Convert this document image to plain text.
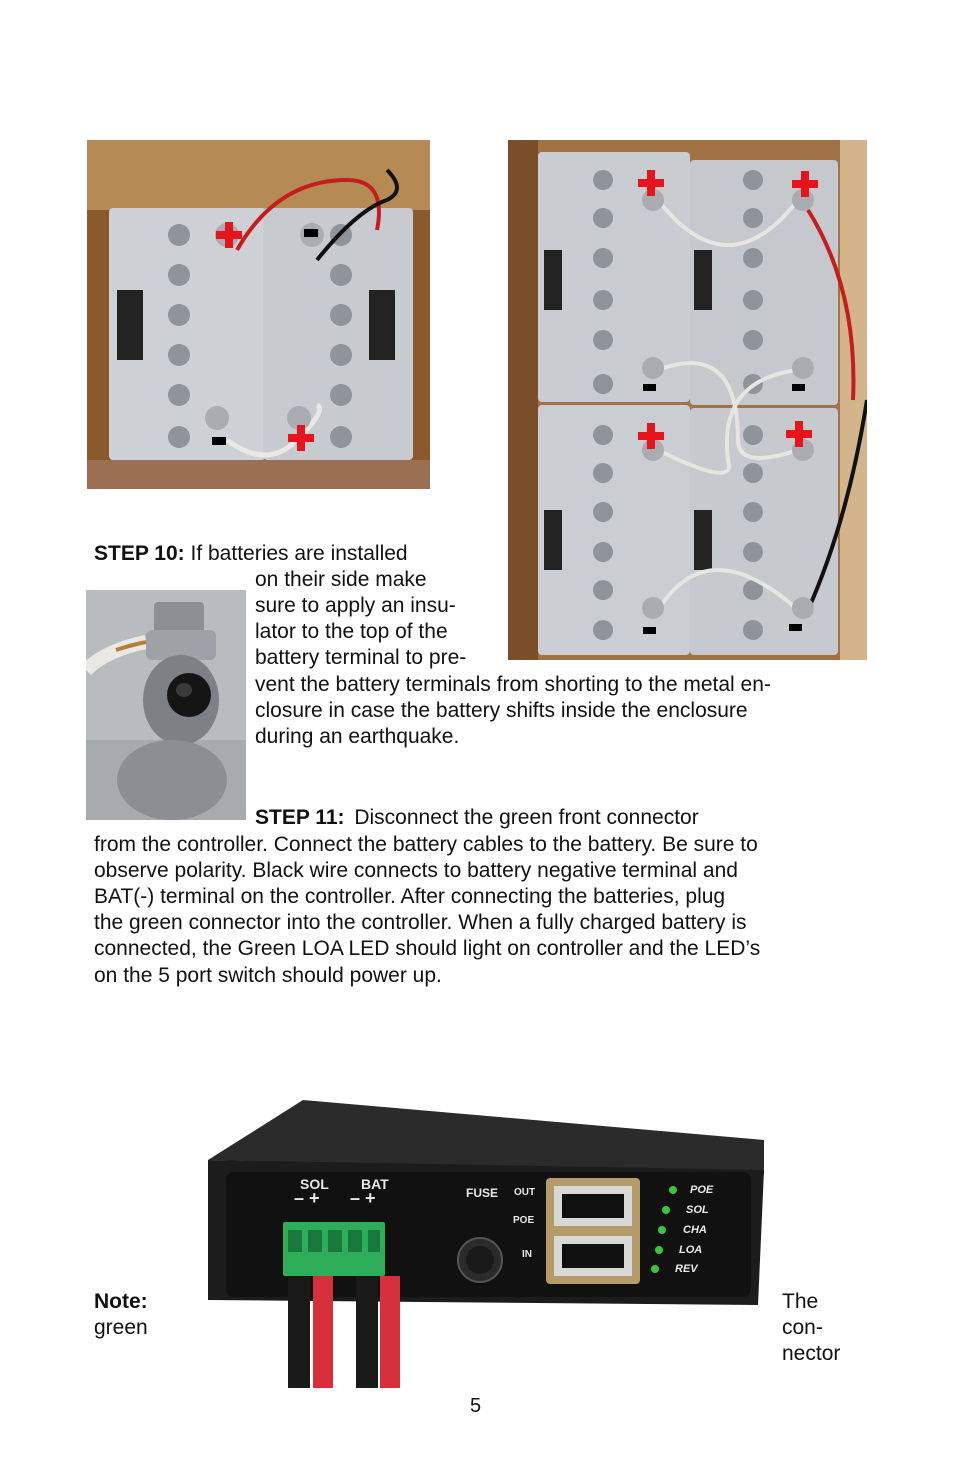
STEP 10: If batteries are installed
on their side make
sure to apply an insu-
lator to the top of the
battery terminal to pre-
vent the battery terminals from shorting to the metal en-
closure in case the battery shifts inside the enclosure
during an earthquake.
STEP 11: Disconnect the green front connector
from the controller. Connect the battery cables to the battery. Be sure to
observe polarity. Black wire connects to battery negative terminal and
BAT(-) terminal on the controller. After connecting the batteries, plug
the green connector into the controller. When a fully charged battery is
connected, the Green LOA LED should light on controller and the LED’s
on the 5 port switch should power up.
SOL BAT
– + – +	FUSE OUT
POE
IN
POE
SOL
CHA
LOA
REV
Note:
green
The
con-
nector
5
